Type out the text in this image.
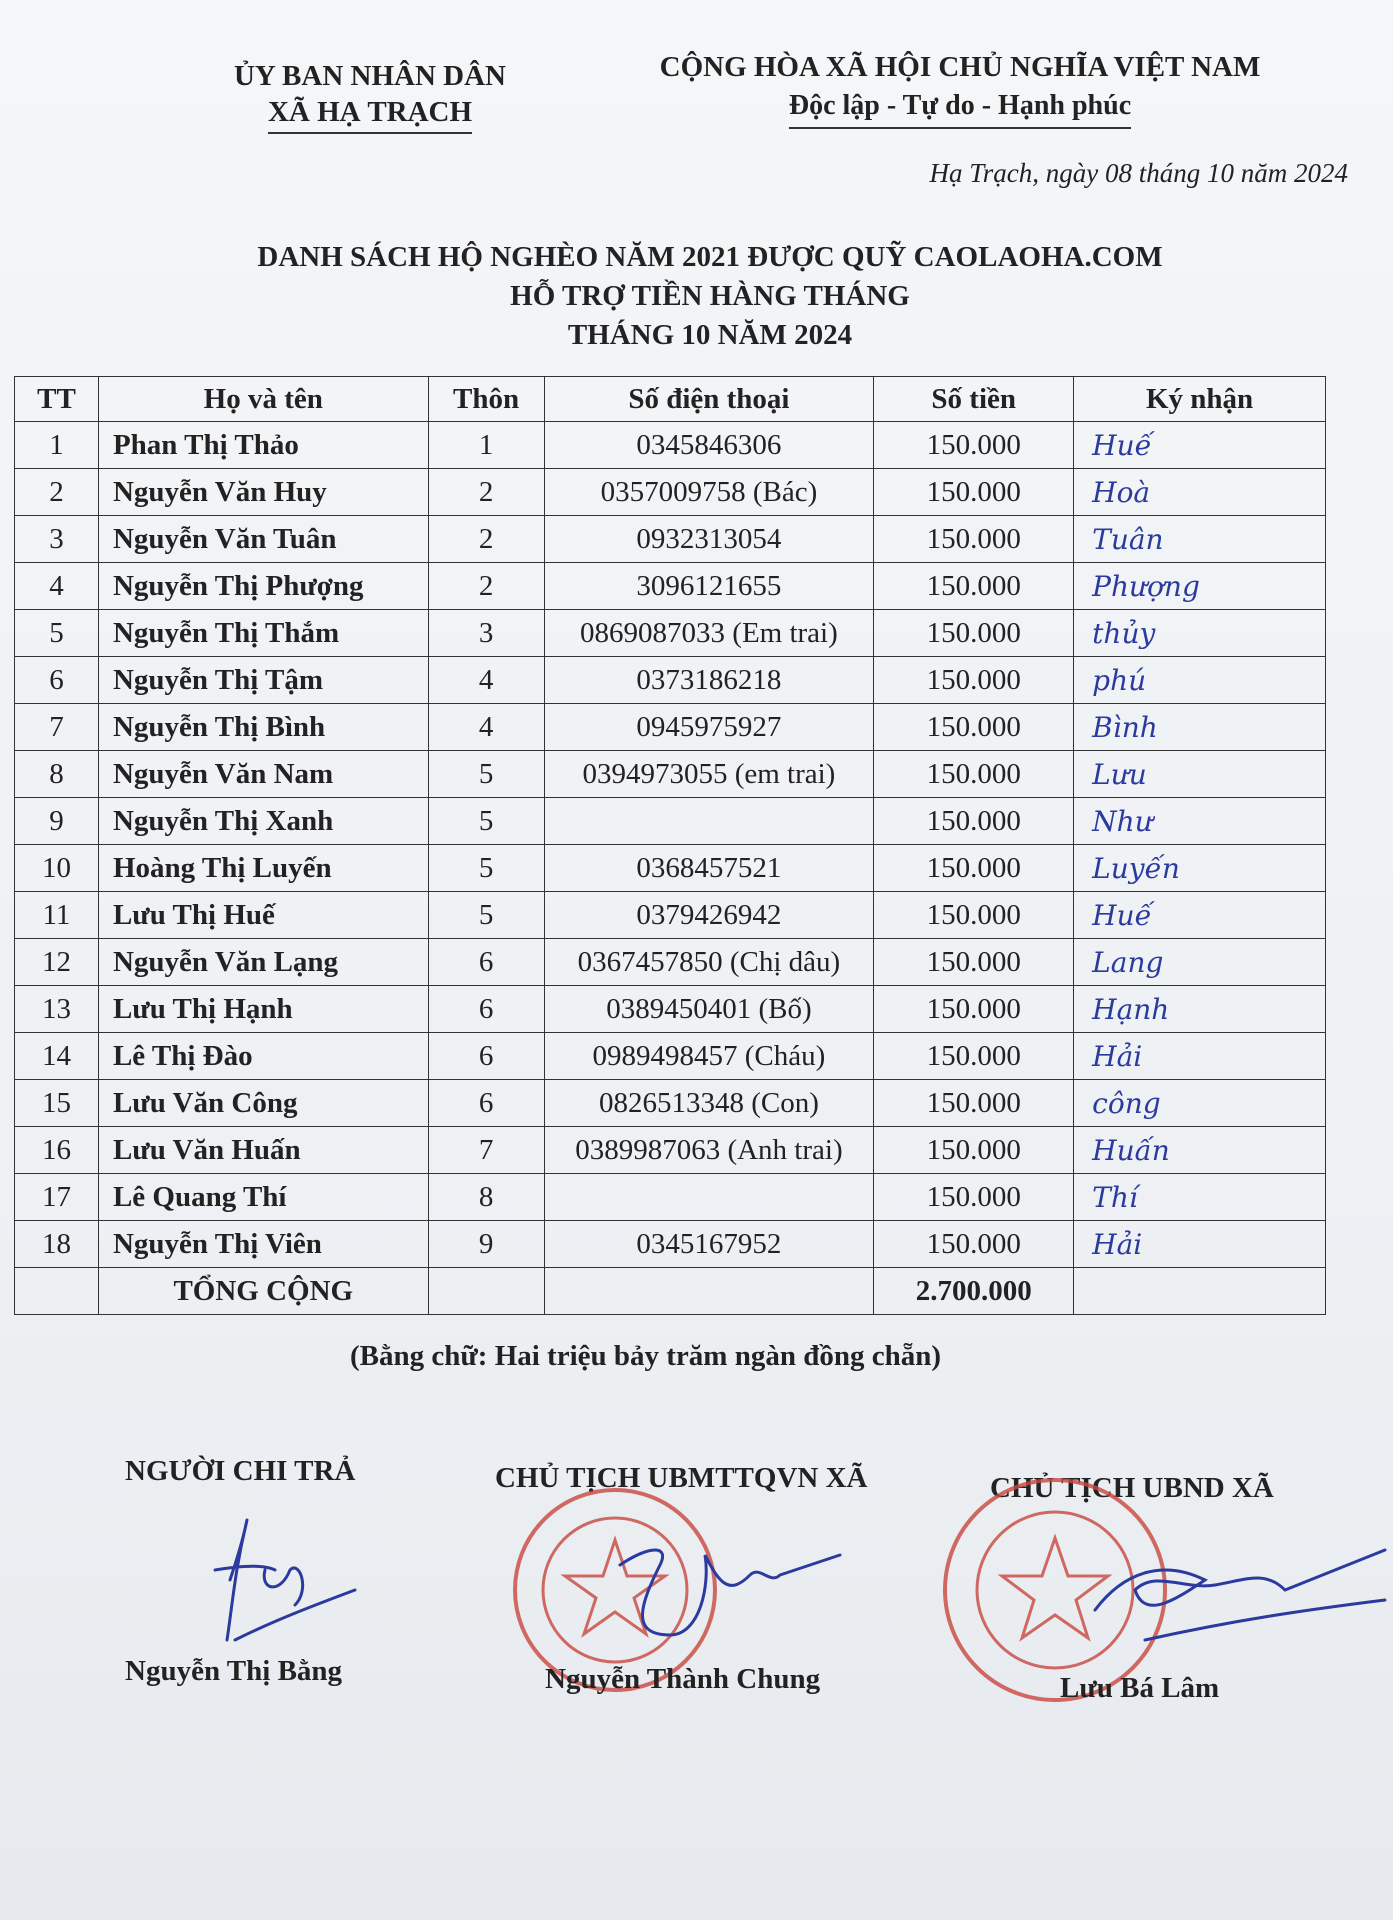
ỦY BAN NHÂN DÂN
XÃ HẠ TRẠCH
CỘNG HÒA XÃ HỘI CHỦ NGHĨA VIỆT NAM
Độc lập - Tự do - Hạnh phúc
Hạ Trạch, ngày 08 tháng 10 năm 2024
DANH SÁCH HỘ NGHÈO NĂM 2021 ĐƯỢC QUỸ CAOLAOHA.COM
HỖ TRỢ TIỀN HÀNG THÁNG
THÁNG 10 NĂM 2024
TT	Họ và tên	Thôn	Số điện thoại	Số tiền	Ký nhận
1	Phan Thị Thảo	1	0345846306	150.000	Huế
2	Nguyễn Văn Huy	2	0357009758 (Bác)	150.000	Hoà
3	Nguyễn Văn Tuân	2	0932313054	150.000	Tuân
4	Nguyễn Thị Phượng	2	3096121655	150.000	Phượng
5	Nguyễn Thị Thắm	3	0869087033 (Em trai)	150.000	thủy
6	Nguyễn Thị Tậm	4	0373186218	150.000	phú
7	Nguyễn Thị Bình	4	0945975927	150.000	Bình
8	Nguyễn Văn Nam	5	0394973055 (em trai)	150.000	Lưu
9	Nguyễn Thị Xanh	5		150.000	Như
10	Hoàng Thị Luyến	5	0368457521	150.000	Luyến
11	Lưu Thị Huế	5	0379426942	150.000	Huế
12	Nguyễn Văn Lạng	6	0367457850 (Chị dâu)	150.000	Lang
13	Lưu Thị Hạnh	6	0389450401 (Bố)	150.000	Hạnh
14	Lê Thị Đào	6	0989498457 (Cháu)	150.000	Hải
15	Lưu Văn Công	6	0826513348 (Con)	150.000	công
16	Lưu Văn Huấn	7	0389987063 (Anh trai)	150.000	Huấn
17	Lê Quang Thí	8		150.000	Thí
18	Nguyễn Thị Viên	9	0345167952	150.000	Hải
	TỔNG CỘNG			2.700.000	
(Bằng chữ: Hai triệu bảy trăm ngàn đồng chẵn)
NGƯỜI CHI TRẢ
Nguyễn Thị Bằng
CHỦ TỊCH UBMTTQVN XÃ
Nguyễn Thành Chung
CHỦ TỊCH UBND XÃ
Lưu Bá Lâm
